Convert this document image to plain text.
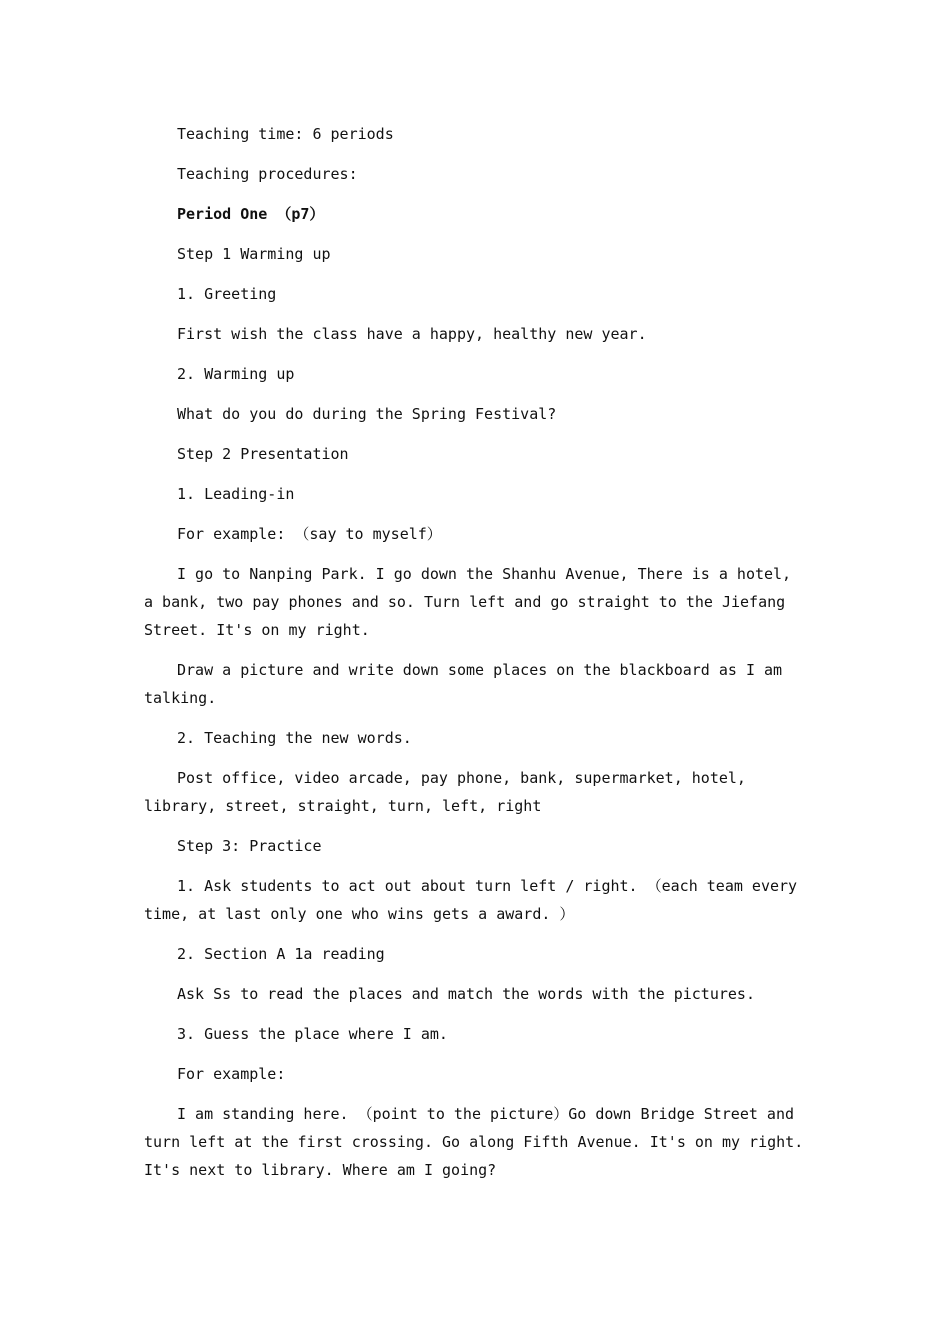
Teaching time: 6 periods

Teaching procedures:

Period One （p7）

Step 1 Warming up

1. Greeting

First wish the class have a happy, healthy new year.

2. Warming up

What do you do during the Spring Festival?

Step 2 Presentation

1. Leading-in

For example: （say to myself）

I go to Nanping Park. I go down the Shanhu Avenue, There is a hotel, a bank, two pay phones and so. Turn left and go straight to the Jiefang Street. It's on my right.

Draw a picture and write down some places on the blackboard as I am talking.

2. Teaching the new words.

Post office, video arcade, pay phone, bank, supermarket, hotel, library, street, straight, turn, left, right

Step 3: Practice

1. Ask students to act out about turn left / right. （each team every time, at last only one who wins gets a award. ）

2. Section A 1a reading

Ask Ss to read the places and match the words with the pictures.

3. Guess the place where I am.

For example:

I am standing here. （point to the picture）Go down Bridge Street and turn left at the first crossing. Go along Fifth Avenue. It's on my right. It's next to library. Where am I going?
